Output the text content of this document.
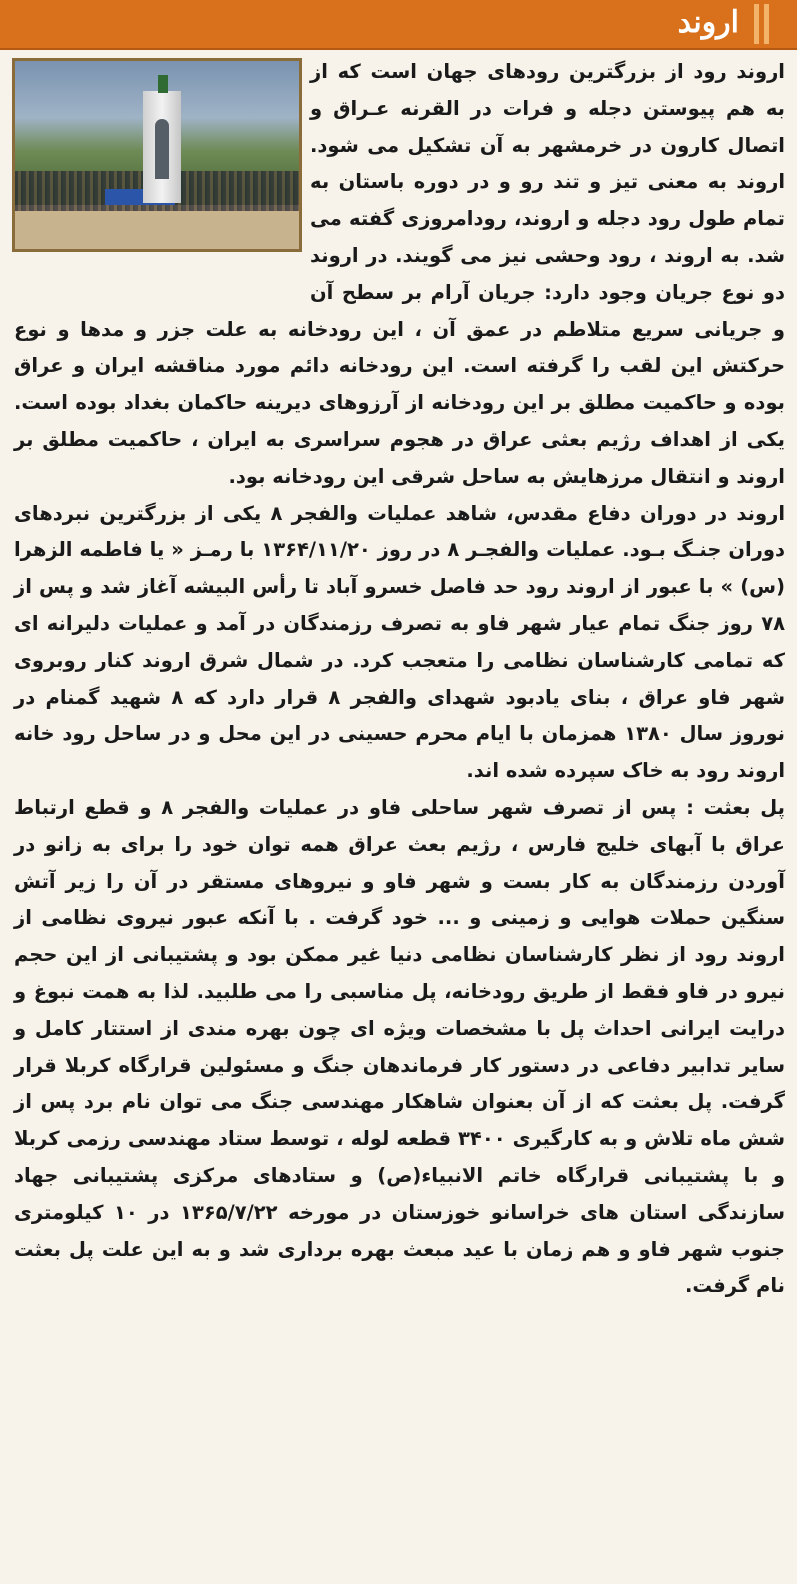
اروند

اروند رود از بزرگترین رودهای جهان است که از به هم پیوستن دجله و فرات در القرنه عـراق و اتصال کارون در خرمشهر به آن تشکیل می شود. اروند به معنی تیز و تند رو و در دوره باستان به تمام طول رود دجله و اروند، رودامروزی گفته می شد. به اروند ، رود وحشی نیز می گویند. در اروند دو نوع جریان وجود دارد: جریان آرام بر سطح آن و جریانی سریع متلاطم در عمق آن ، این رودخانه به علت جزر و مدها و نوع حرکتش این لقب را گرفته است. این رودخانه دائم مورد مناقشه ایران و عراق بوده و حاکمیت مطلق بر این رودخانه از آرزوهای دیرینه حاکمان بغداد بوده است. یکی از اهداف رژیم بعثی عراق در هجوم سراسری به ایران ، حاکمیت مطلق بر اروند و انتقال مرزهایش به ساحل شرقی این رودخانه بود.

اروند در دوران دفاع مقدس، شاهد عملیات والفجر ۸ یکی از بزرگترین نبردهای دوران جنـگ بـود. عملیات والفجـر ۸ در روز ۱۳۶۴/۱۱/۲۰ با رمـز « یا فاطمه الزهرا (س) » با عبور از اروند رود حد فاصل خسرو آباد تا رأس البیشه آغاز شد و پس از ۷۸ روز جنگ تمام عیار شهر فاو به تصرف رزمندگان در آمد و عملیات دلیرانه ای که تمامی کارشناسان نظامی را متعجب کرد. در شمال شرق اروند کنار روبروی شهر فاو عراق ، بنای یادبود شهدای والفجر ۸ قرار دارد که ۸ شهید گمنام در نوروز سال ۱۳۸۰ همزمان با ایام محرم حسینی در این محل و در ساحل رود خانه اروند رود به خاک سپرده شده اند.

پل بعثت : پس از تصرف شهر ساحلی فاو در عملیات والفجر ۸ و قطع ارتباط عراق با آبهای خلیج فارس ، رژیم بعث عراق همه توان خود را برای به زانو در آوردن رزمندگان به کار بست و شهر فاو و نیروهای مستقر در آن را زیر آتش سنگین حملات هوایی و زمینی و ... خود گرفت . با آنکه عبور نیروی نظامی از اروند رود از نظر کارشناسان نظامی دنیا غیر ممکن بود و پشتیبانی از این حجم نیرو در فاو فقط از طریق رودخانه، پل مناسبی را می طلبید. لذا به همت نبوغ و درایت ایرانی احداث پل با مشخصات ویژه ای چون بهره مندی از استتار کامل و سایر تدابیر دفاعی در دستور کار فرماندهان جنگ و مسئولین قرارگاه کربلا قرار گرفت. پل بعثت که از آن بعنوان شاهکار مهندسی جنگ می توان نام برد پس از شش ماه تلاش و به کارگیری ۳۴۰۰ قطعه لوله ، توسط ستاد مهندسی رزمی کربلا و با پشتیبانی قرارگاه خاتم الانبیاء(ص) و ستادهای مرکزی پشتیبانی جهاد سازندگی استان های خراسانو خوزستان در مورخه ۱۳۶۵/۷/۲۲ در ۱۰ کیلومتری جنوب شهر فاو و هم زمان با عید مبعث بهره برداری شد و به این علت پل بعثت نام گرفت.
